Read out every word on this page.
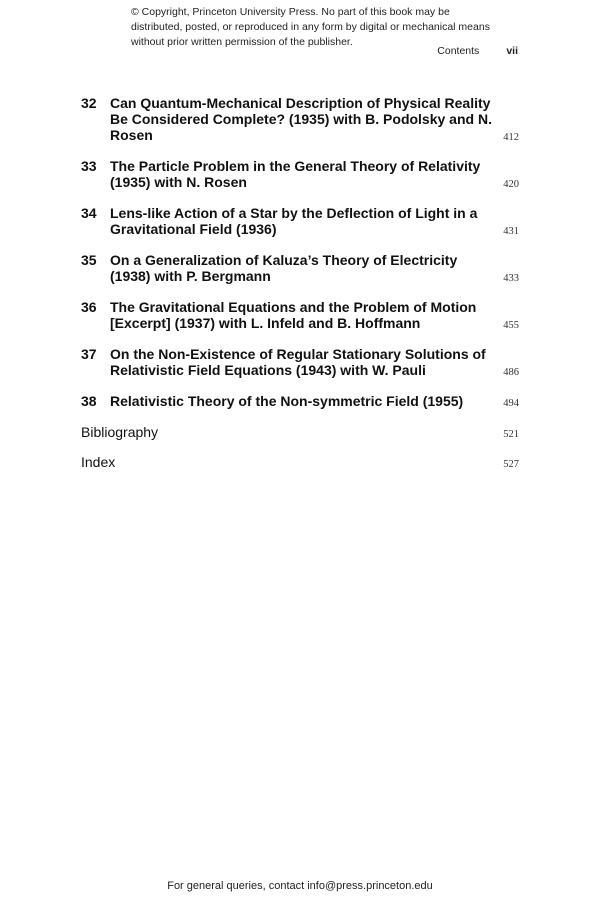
© Copyright, Princeton University Press. No part of this book may be distributed, posted, or reproduced in any form by digital or mechanical means without prior written permission of the publisher.
Contents	vii
32 Can Quantum-Mechanical Description of Physical Reality Be Considered Complete? (1935) with B. Podolsky and N. Rosen	412
33 The Particle Problem in the General Theory of Relativity (1935) with N. Rosen	420
34 Lens-like Action of a Star by the Deflection of Light in a Gravitational Field (1936)	431
35 On a Generalization of Kaluza’s Theory of Electricity (1938) with P. Bergmann	433
36 The Gravitational Equations and the Problem of Motion [Excerpt] (1937) with L. Infeld and B. Hoffmann	455
37 On the Non-Existence of Regular Stationary Solutions of Relativistic Field Equations (1943) with W. Pauli	486
38 Relativistic Theory of the Non-symmetric Field (1955)	494
Bibliography	521
Index	527
For general queries, contact info@press.princeton.edu
